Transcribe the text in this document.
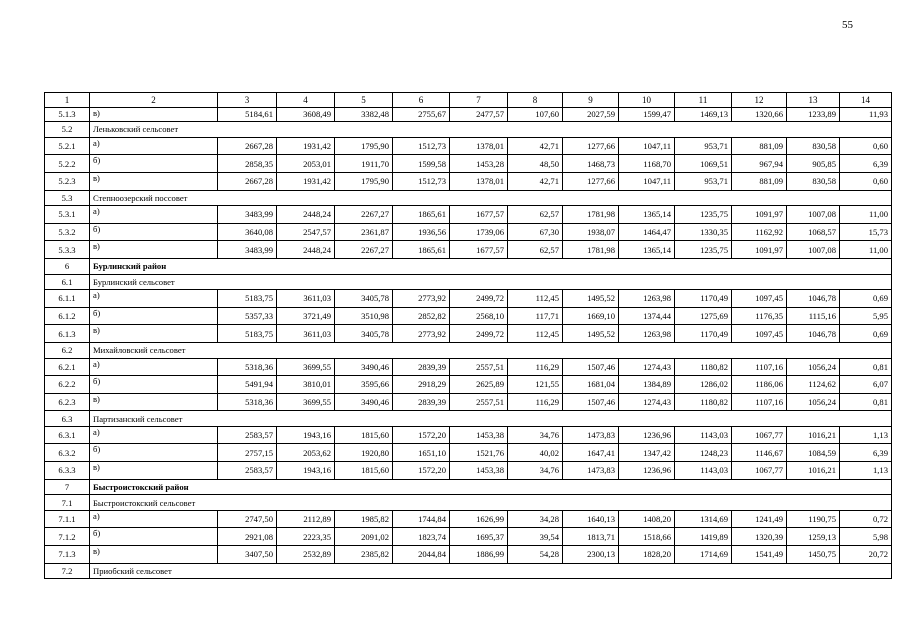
55
1	2	3	4	5	6	7	8	9	10	11	12	13	14
5.1.3	в)	5184,61	3608,49	3382,48	2755,67	2477,57	107,60	2027,59	1599,47	1469,13	1320,66	1233,89	11,93
5.2	Леньковский сельсовет												
5.2.1	а)	2667,28	1931,42	1795,90	1512,73	1378,01	42,71	1277,66	1047,11	953,71	881,09	830,58	0,60
5.2.2	б)	2858,35	2053,01	1911,70	1599,58	1453,28	48,50	1468,73	1168,70	1069,51	967,94	905,85	6,39
5.2.3	в)	2667,28	1931,42	1795,90	1512,73	1378,01	42,71	1277,66	1047,11	953,71	881,09	830,58	0,60
5.3	Степноозерский поссовет												
5.3.1	а)	3483,99	2448,24	2267,27	1865,61	1677,57	62,57	1781,98	1365,14	1235,75	1091,97	1007,08	11,00
5.3.2	б)	3640,08	2547,57	2361,87	1936,56	1739,06	67,30	1938,07	1464,47	1330,35	1162,92	1068,57	15,73
5.3.3	в)	3483,99	2448,24	2267,27	1865,61	1677,57	62,57	1781,98	1365,14	1235,75	1091,97	1007,08	11,00
6	Бурлинский район												
6.1	Бурлинский сельсовет												
6.1.1	а)	5183,75	3611,03	3405,78	2773,92	2499,72	112,45	1495,52	1263,98	1170,49	1097,45	1046,78	0,69
6.1.2	б)	5357,33	3721,49	3510,98	2852,82	2568,10	117,71	1669,10	1374,44	1275,69	1176,35	1115,16	5,95
6.1.3	в)	5183,75	3611,03	3405,78	2773,92	2499,72	112,45	1495,52	1263,98	1170,49	1097,45	1046,78	0,69
6.2	Михайловский сельсовет												
6.2.1	а)	5318,36	3699,55	3490,46	2839,39	2557,51	116,29	1507,46	1274,43	1180,82	1107,16	1056,24	0,81
6.2.2	б)	5491,94	3810,01	3595,66	2918,29	2625,89	121,55	1681,04	1384,89	1286,02	1186,06	1124,62	6,07
6.2.3	в)	5318,36	3699,55	3490,46	2839,39	2557,51	116,29	1507,46	1274,43	1180,82	1107,16	1056,24	0,81
6.3	Партизанский сельсовет												
6.3.1	а)	2583,57	1943,16	1815,60	1572,20	1453,38	34,76	1473,83	1236,96	1143,03	1067,77	1016,21	1,13
6.3.2	б)	2757,15	2053,62	1920,80	1651,10	1521,76	40,02	1647,41	1347,42	1248,23	1146,67	1084,59	6,39
6.3.3	в)	2583,57	1943,16	1815,60	1572,20	1453,38	34,76	1473,83	1236,96	1143,03	1067,77	1016,21	1,13
7	Быстроистокский район												
7.1	Быстроистокский сельсовет												
7.1.1	а)	2747,50	2112,89	1985,82	1744,84	1626,99	34,28	1640,13	1408,20	1314,69	1241,49	1190,75	0,72
7.1.2	б)	2921,08	2223,35	2091,02	1823,74	1695,37	39,54	1813,71	1518,66	1419,89	1320,39	1259,13	5,98
7.1.3	в)	3407,50	2532,89	2385,82	2044,84	1886,99	54,28	2300,13	1828,20	1714,69	1541,49	1450,75	20,72
7.2	Приобский сельсовет												
